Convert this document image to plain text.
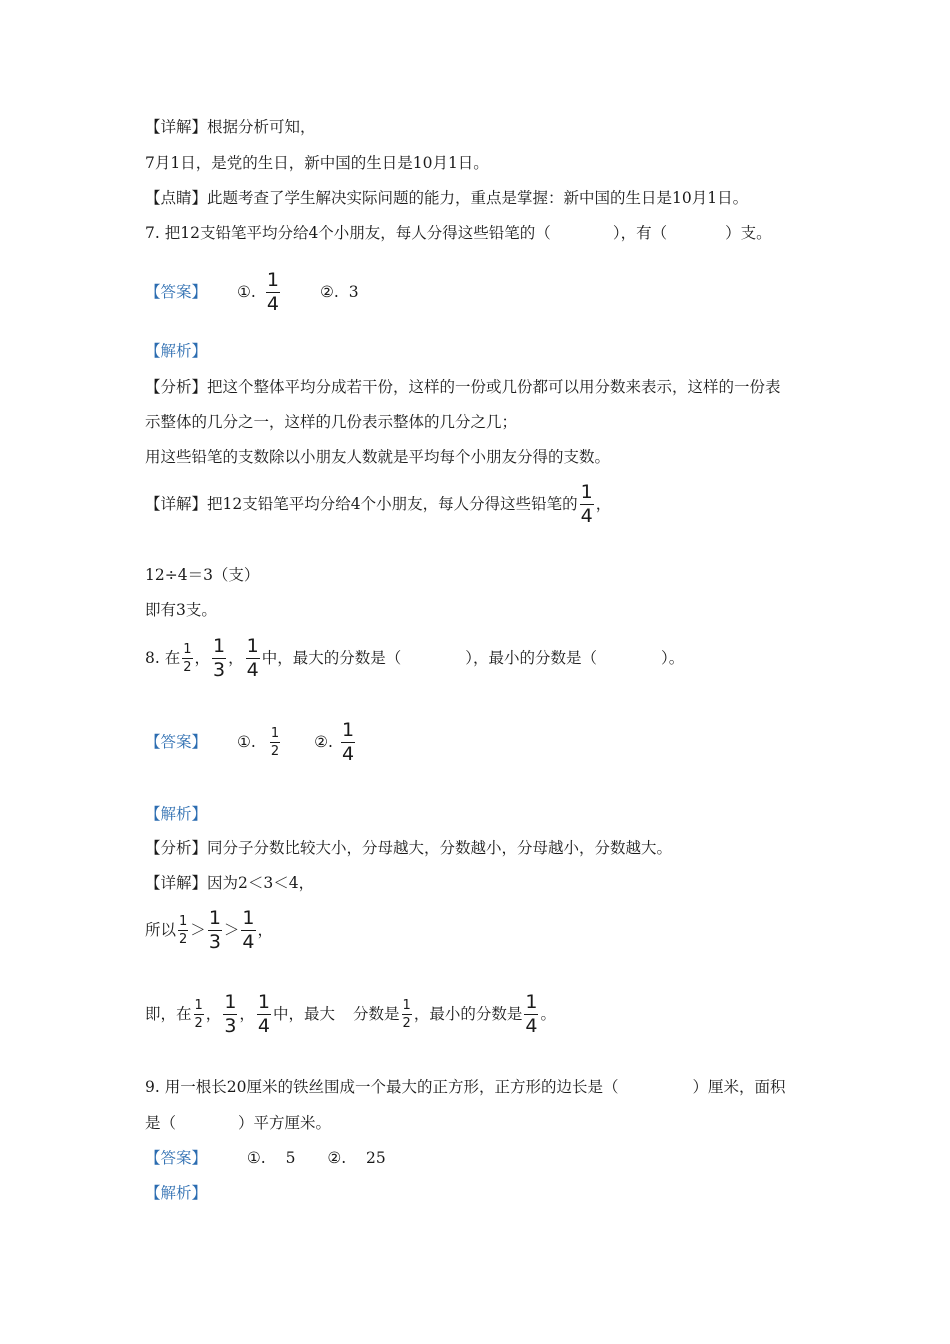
【详解】根据分析可知，
7月1日，是党的生日，新中国的生日是10月1日。
【点睛】此题考查了学生解决实际问题的能力，重点是掌握：新中国的生日是10月1日。
7. 把12支铅笔平均分给4个小朋友，每人分得这些铅笔的（	），有（	）支。
【答案】 ①. $\frac{1}{4}$	②. 3
【解析】
【分析】把这个整体平均分成若干份，这样的一份或几份都可以用分数来表示，这样的一份表
示整体的几分之一，这样的几份表示整体的几分之几；
用这些铅笔的支数除以小朋友人数就是平均每个小朋友分得的支数。
【详解】把12支铅笔平均分给4个小朋友，每人分得这些铅笔的 $\frac{1}{4}$ ，
12÷4＝3（支）
即有3支。
8. 在 $\frac{1}{2}$ ， $\frac{1}{3}$ ， $\frac{1}{4}$ 中，最大的分数是（	），最小的分数是（	）。
【答案】 ①. $\frac{1}{2}$ ②. $\frac{1}{4}$
【解析】
【分析】同分子分数比较大小，分母越大，分数越小，分母越小，分数越大。
【详解】因为2＜3＜4，
所以 $\frac{1}{2} > \frac{1}{3} > \frac{1}{4}$ ，
即，在 $\frac{1}{2}$ ， $\frac{1}{3}$ ， $\frac{1}{4}$ 中，最大 分数是 $\frac{1}{2}$ ，最小的分数是 $\frac{1}{4}$ 。
9. 用一根长20厘米的铁丝围成一个最大的正方形，正方形的边长是（	）厘米，面积
是（	）平方厘米。
【答案】	①. 5 ②. 25
【解析】
